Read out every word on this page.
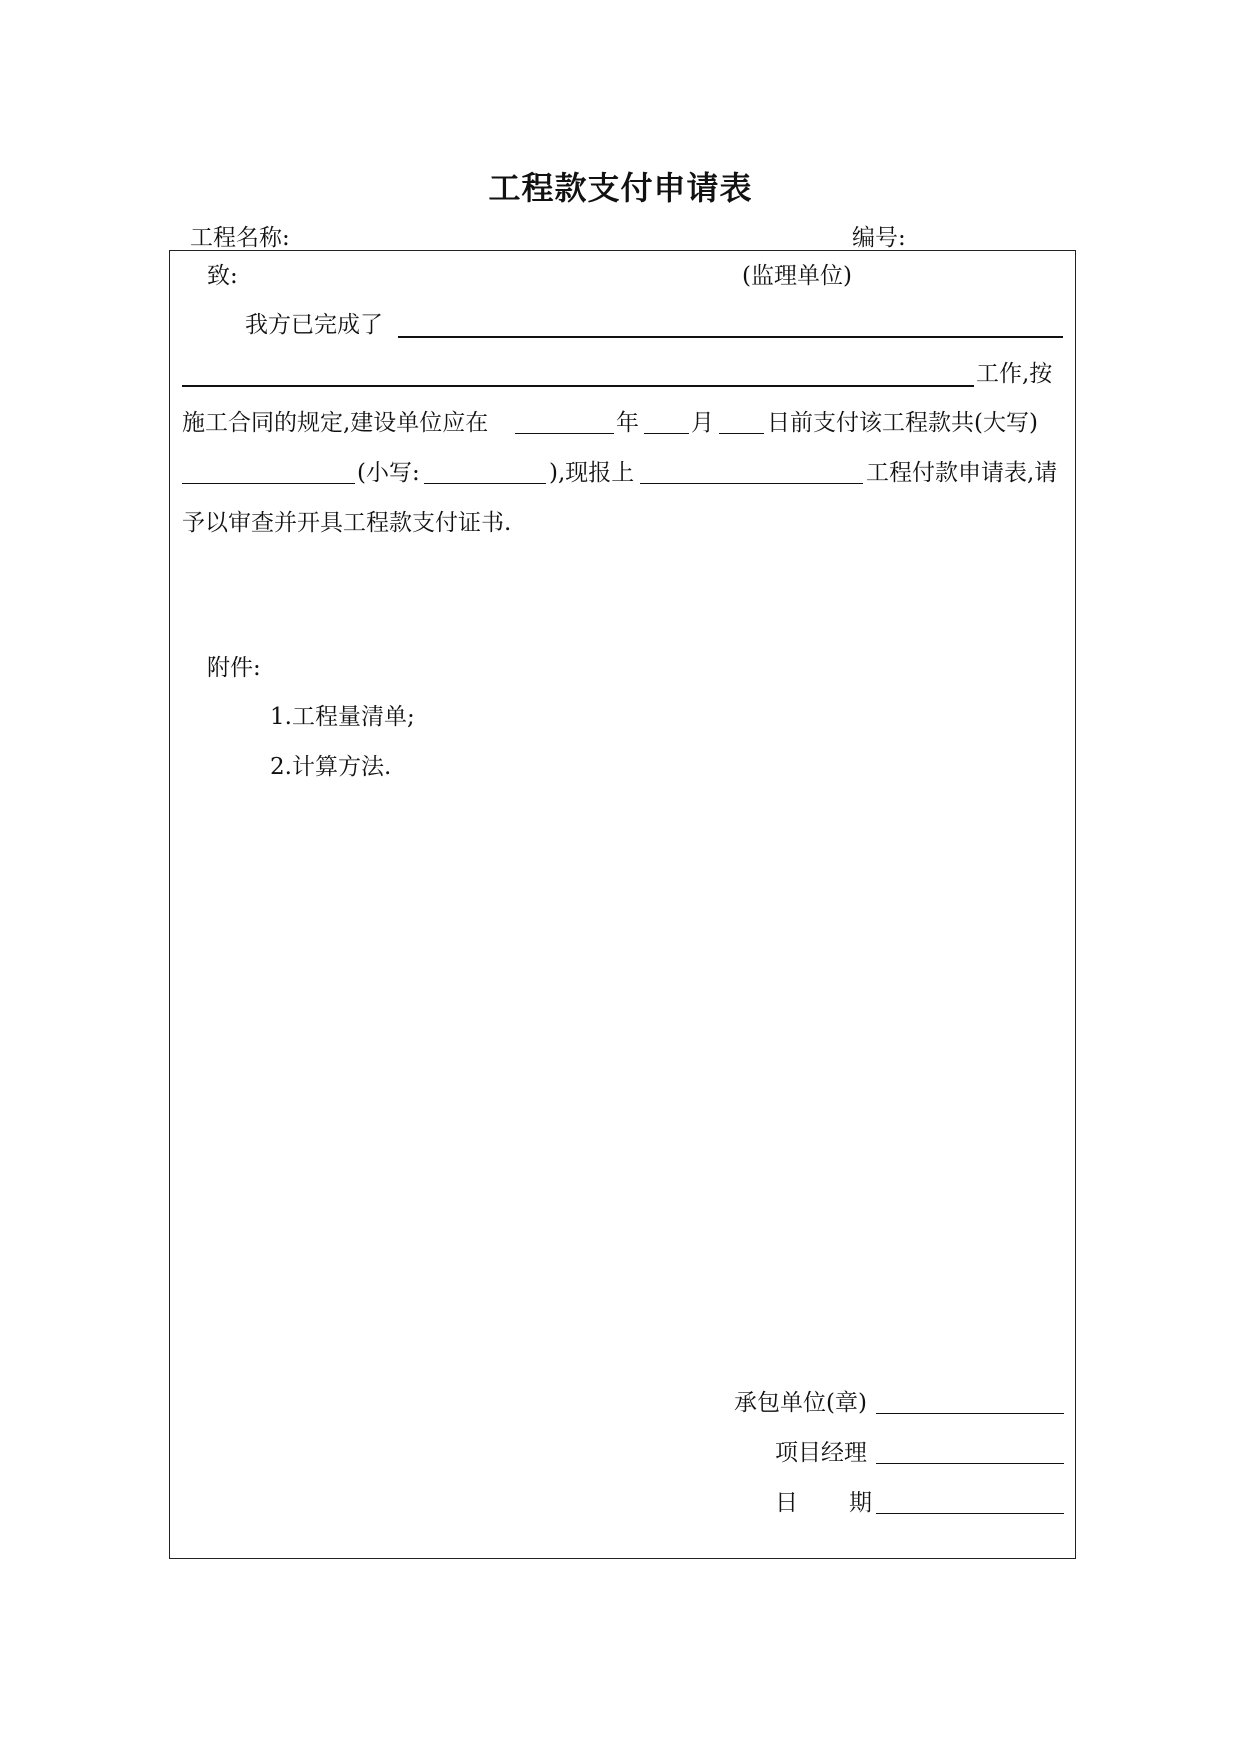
工程款支付申请表
工程名称:	编号:
致:	(监理单位)
我方已完成了
工作,按
施工合同的规定,建设单位应在	年 月 日前支付该工程款共(大写)
(小写:	),现报上	工程付款申请表,请
予以审查并开具工程款支付证书.
附件:
1.工程量清单;
2.计算方法.
承包单位(章)
项目经理
日 期
